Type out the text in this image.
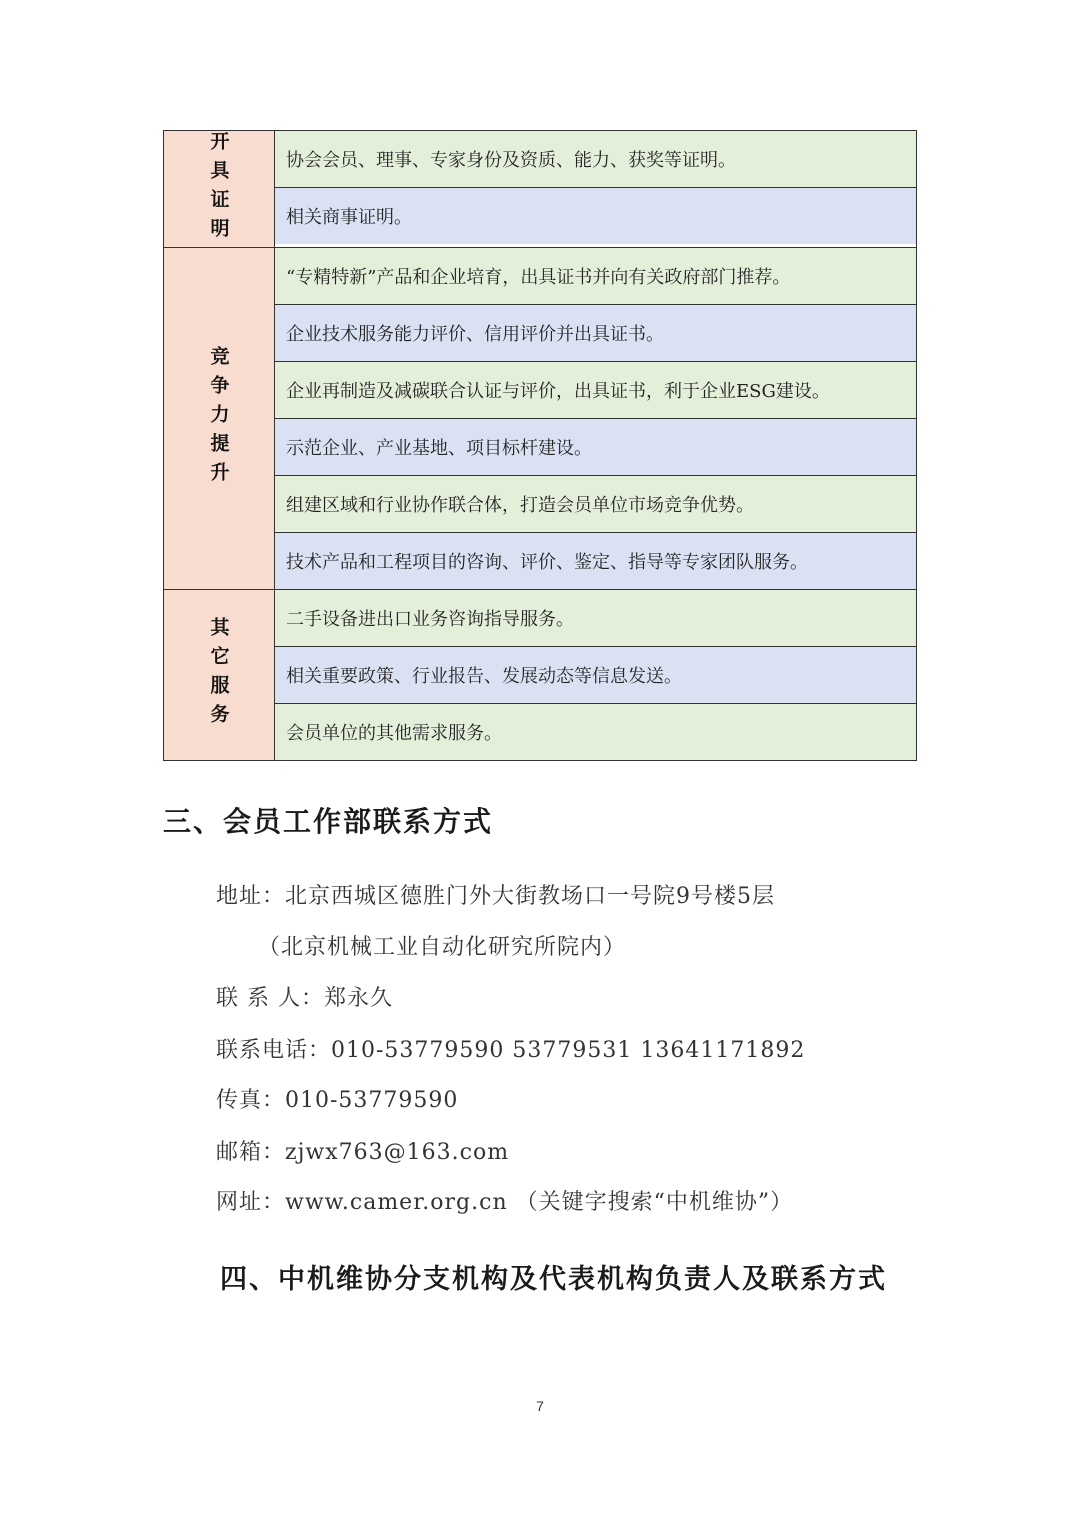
开具证明	协会会员、理事、专家身份及资质、能力、获奖等证明。
相关商事证明。
竞争力提升
“专精特新”产品和企业培育，出具证书并向有关政府部门推荐。
企业技术服务能力评价、信用评价并出具证书。
企业再制造及减碳联合认证与评价，出具证书，利于企业ESG建设。
示范企业、产业基地、项目标杆建设。
组建区域和行业协作联合体，打造会员单位市场竞争优势。
技术产品和工程项目的咨询、评价、鉴定、指导等专家团队服务。
其它服务	二手设备进出口业务咨询指导服务。
相关重要政策、行业报告、发展动态等信息发送。
会员单位的其他需求服务。
三、会员工作部联系方式
地址：北京西城区德胜门外大街教场口一号院9号楼5层
（北京机械工业自动化研究所院内）
联 系 人：郑永久
联系电话：010-53779590 53779531 13641171892
传真：010-53779590
邮箱：zjwx763@163.com
网址：www.camer.org.cn （关键字搜索“中机维协”）
四、中机维协分支机构及代表机构负责人及联系方式
7
